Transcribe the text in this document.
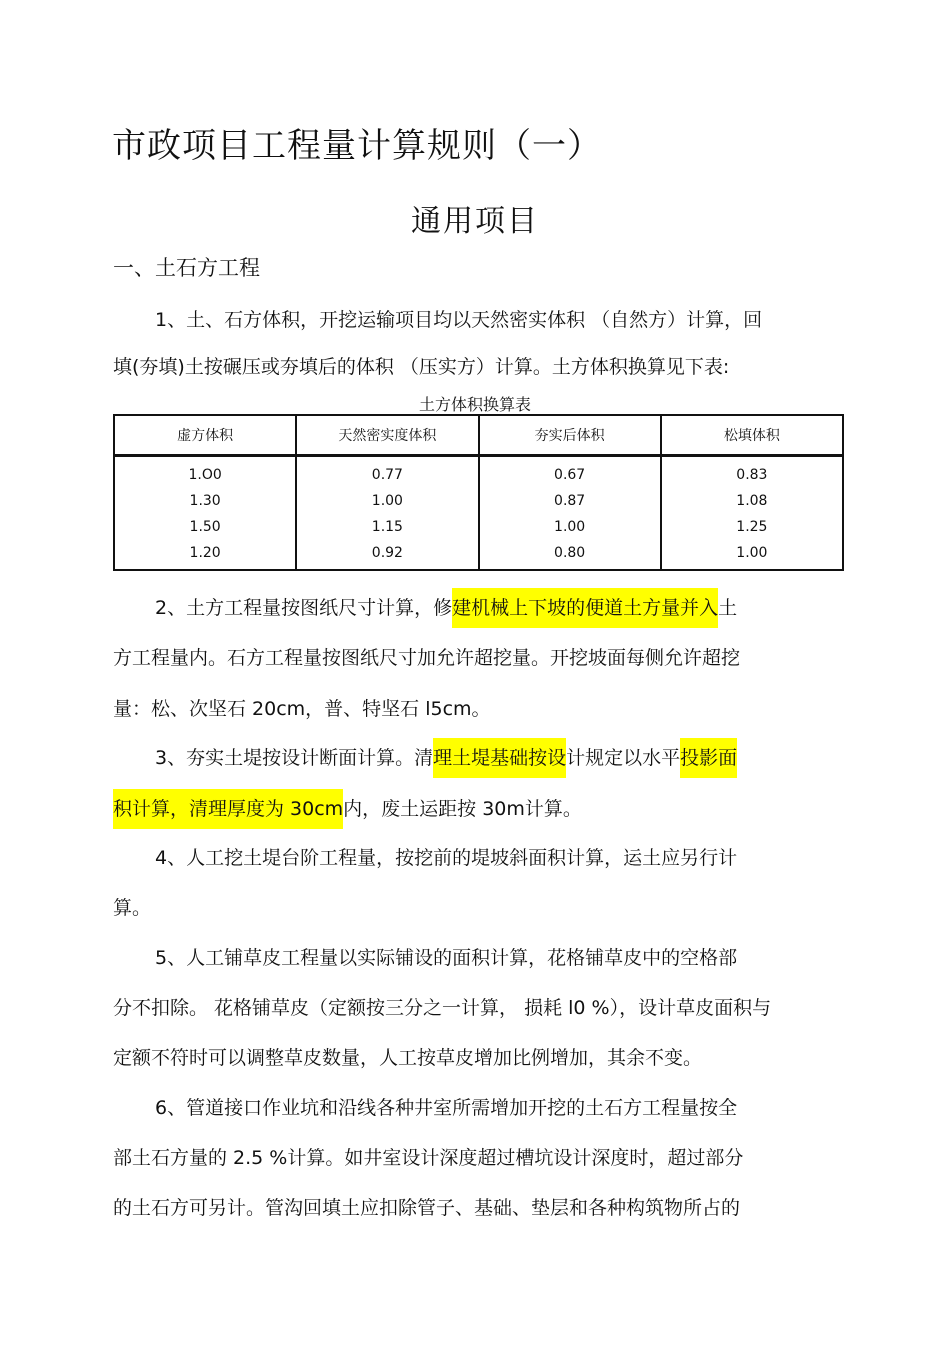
市政项目工程量计算规则（一）
通用项目
一、土石方工程
1、土、石方体积，开挖运输项目均以天然密实体积 （自然方）计算，回
填(夯填)土按碾压或夯填后的体积 （压实方）计算。土方体积换算见下表:
土方体积换算表
虚方体积	天然密实度体积	夯实后体积	松填体积
1.O0	0.77	0.67	0.83
1.30	1.00	0.87	1.08
1.50	1.15	1.00	1.25
1.20	0.92	0.80	1.00
2、土方工程量按图纸尺寸计算，修建机械上下坡的便道土方量并入土
方工程量内。石方工程量按图纸尺寸加允许超挖量。开挖坡面每侧允许超挖
量：松、次坚石 20cm，普、特坚石 l5cm。
3、夯实土堤按设计断面计算。清理土堤基础按设计规定以水平投影面
积计算，清理厚度为 30cm内，废土运距按 30m计算。
4、人工挖土堤台阶工程量，按挖前的堤坡斜面积计算，运土应另行计
算。
5、人工铺草皮工程量以实际铺设的面积计算，花格铺草皮中的空格部
分不扣除。 花格铺草皮（定额按三分之一计算， 损耗 l0 %），设计草皮面积与
定额不符时可以调整草皮数量，人工按草皮增加比例增加，其余不变。
6、管道接口作业坑和沿线各种井室所需增加开挖的土石方工程量按全
部土石方量的 2.5 %计算。如井室设计深度超过槽坑设计深度时，超过部分
的土石方可另计。管沟回填土应扣除管子、基础、垫层和各种构筑物所占的
